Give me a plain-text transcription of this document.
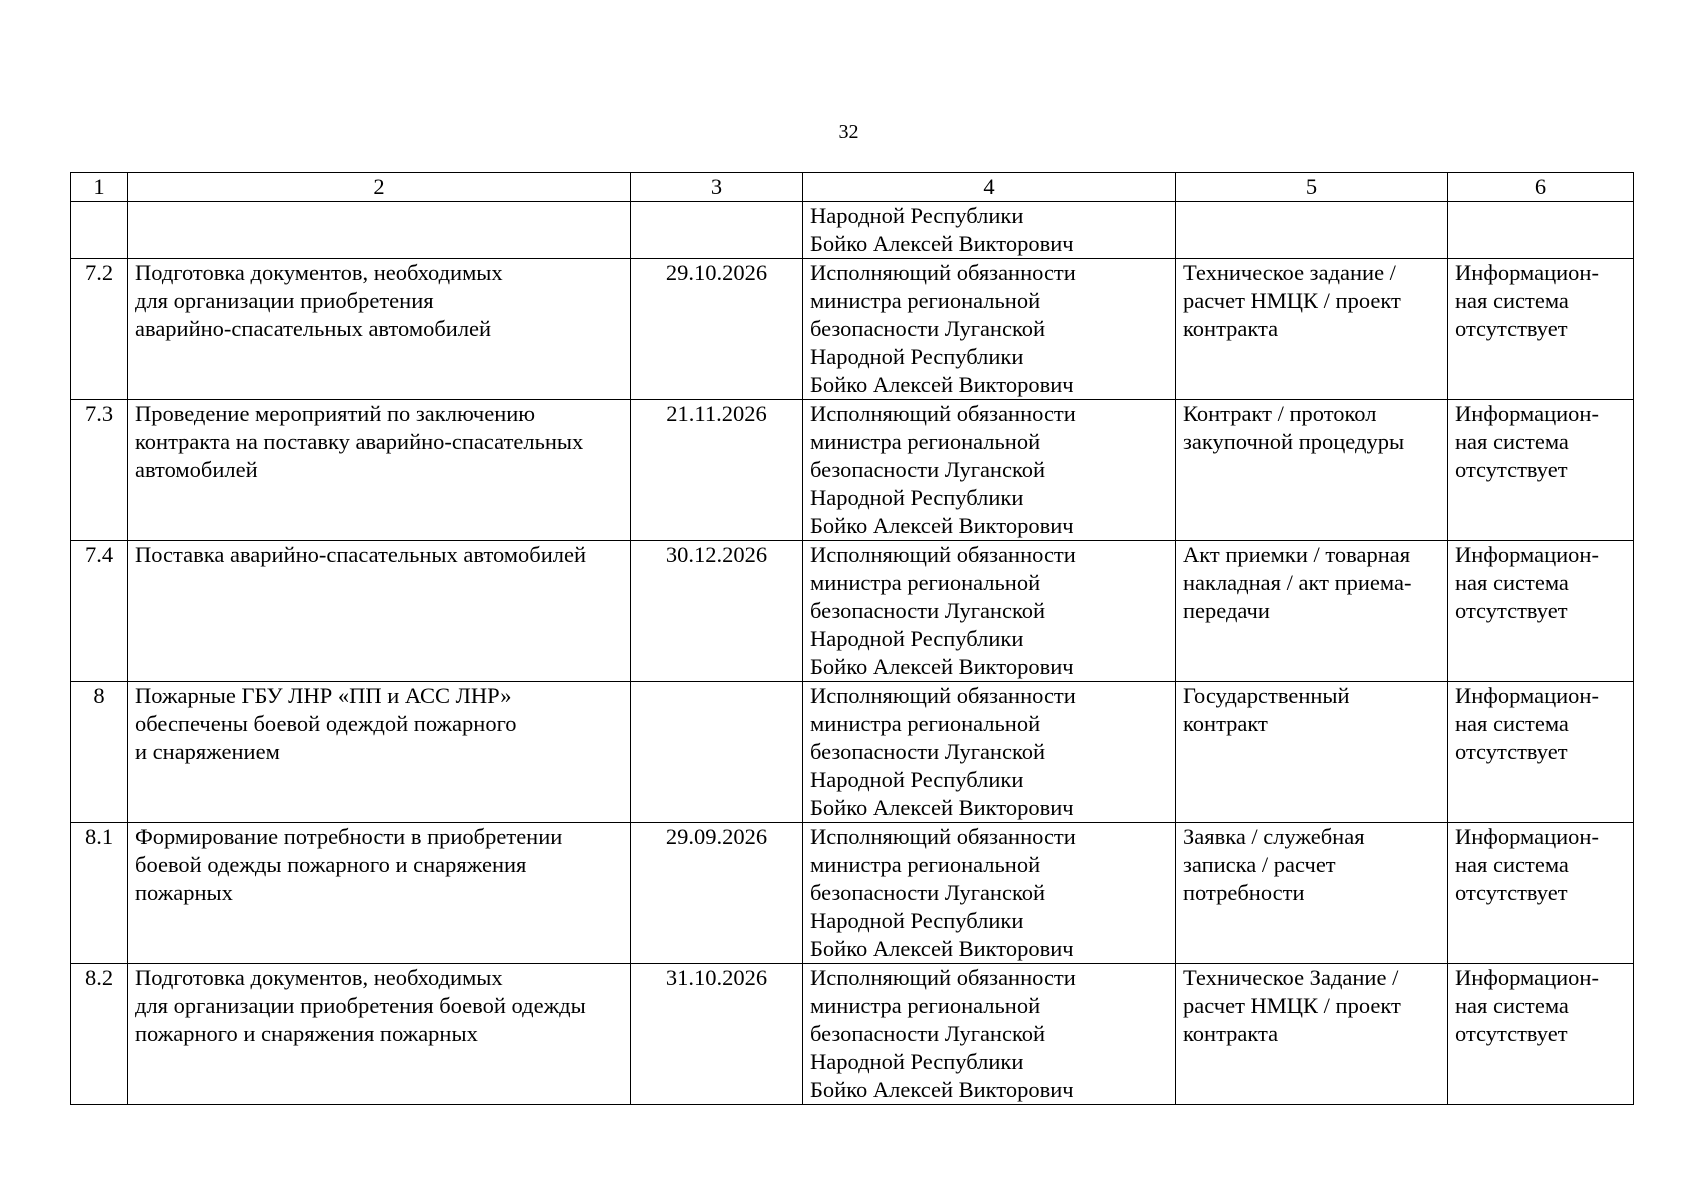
32
1	2	3	4	5	6
			Народной Республики
Бойко Алексей Викторович		
7.2	Подготовка документов, необходимых
для организации приобретения
аварийно-спасательных автомобилей	29.10.2026	Исполняющий обязанности
министра региональной
безопасности Луганской
Народной Республики
Бойко Алексей Викторович	Техническое задание /
расчет НМЦК / проект
контракта	Информацион-
ная система
отсутствует
7.3	Проведение мероприятий по заключению
контракта на поставку аварийно-спасательных
автомобилей	21.11.2026	Исполняющий обязанности
министра региональной
безопасности Луганской
Народной Республики
Бойко Алексей Викторович	Контракт / протокол
закупочной процедуры	Информацион-
ная система
отсутствует
7.4	Поставка аварийно-спасательных автомобилей	30.12.2026	Исполняющий обязанности
министра региональной
безопасности Луганской
Народной Республики
Бойко Алексей Викторович	Акт приемки / товарная
накладная / акт приема-
передачи	Информацион-
ная система
отсутствует
8	Пожарные ГБУ ЛНР «ПП и АСС ЛНР»
обеспечены боевой одеждой пожарного
и снаряжением		Исполняющий обязанности
министра региональной
безопасности Луганской
Народной Республики
Бойко Алексей Викторович	Государственный
контракт	Информацион-
ная система
отсутствует
8.1	Формирование потребности в приобретении
боевой одежды пожарного и снаряжения
пожарных	29.09.2026	Исполняющий обязанности
министра региональной
безопасности Луганской
Народной Республики
Бойко Алексей Викторович	Заявка / служебная
записка / расчет
потребности	Информацион-
ная система
отсутствует
8.2	Подготовка документов, необходимых
для организации приобретения боевой одежды
пожарного и снаряжения пожарных	31.10.2026	Исполняющий обязанности
министра региональной
безопасности Луганской
Народной Республики
Бойко Алексей Викторович	Техническое Задание /
расчет НМЦК / проект
контракта	Информацион-
ная система
отсутствует
